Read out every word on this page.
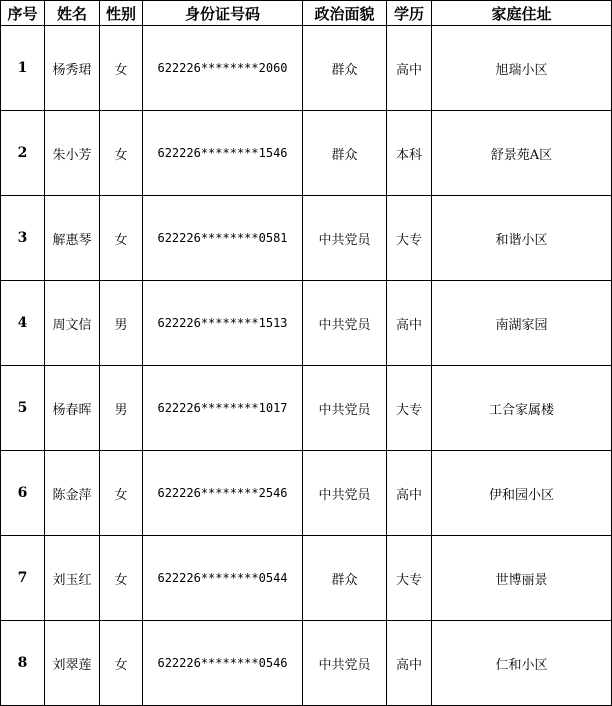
序号	姓名	性别	身份证号码	政治面貌	学历	家庭住址
1	杨秀珺	女	622226********2060	群众	高中	旭瑞小区
2	朱小芳	女	622226********1546	群众	本科	舒景苑A区
3	解惠琴	女	622226********0581	中共党员	大专	和谐小区
4	周文信	男	622226********1513	中共党员	高中	南湖家园
5	杨春晖	男	622226********1017	中共党员	大专	工合家属楼
6	陈金萍	女	622226********2546	中共党员	高中	伊和园小区
7	刘玉红	女	622226********0544	群众	大专	世博丽景
8	刘翠莲	女	622226********0546	中共党员	高中	仁和小区
